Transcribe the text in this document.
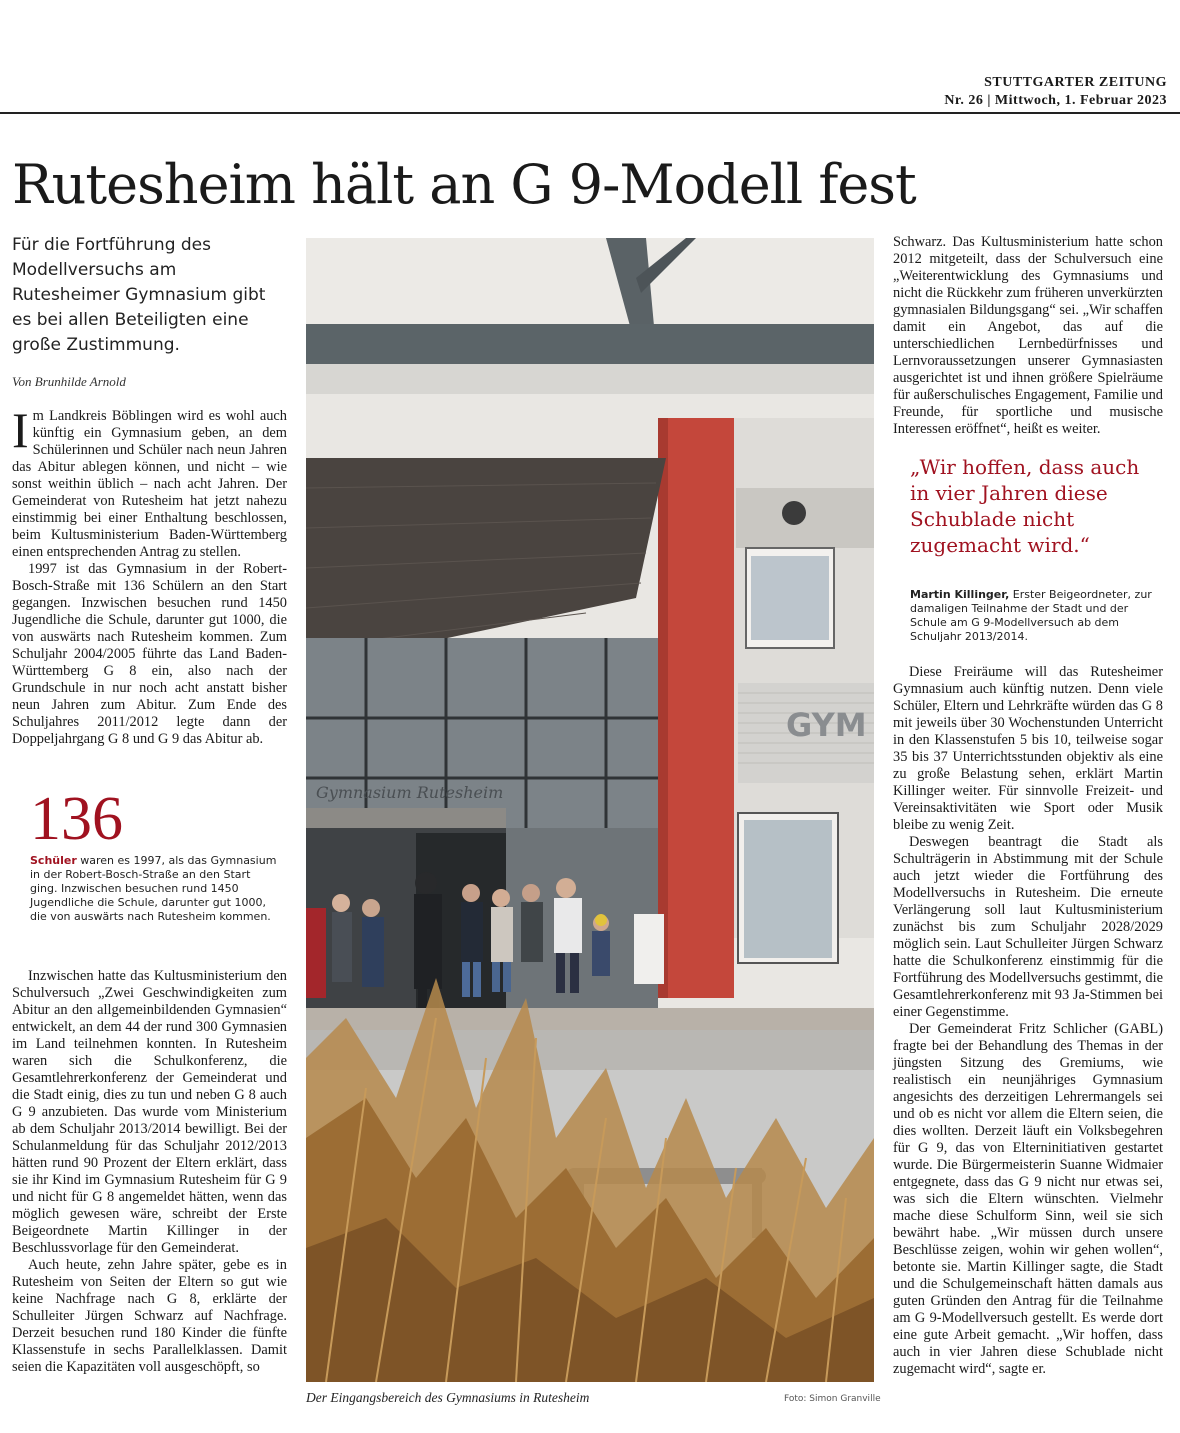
STUTTGARTER ZEITUNG
Nr. 26 | Mittwoch, 1. Februar 2023
Rutesheim hält an G 9-Modell fest
Für die Fortführung des Modellversuchs am Rutesheimer Gymnasium gibt es bei allen Beteiligten eine große Zustimmung.
Von Brunhilde Arnold

Im Landkreis Böblingen wird es wohl auch künftig ein Gymnasium geben, an dem Schülerinnen und Schüler nach neun Jahren das Abitur ablegen können, und nicht – wie sonst weithin üblich – nach acht Jahren. Der Gemeinderat von Rutesheim hat jetzt nahezu einstimmig bei einer Enthaltung beschlossen, beim Kultusministerium Baden-Württemberg einen entsprechenden Antrag zu stellen.

1997 ist das Gymnasium in der Robert-Bosch-Straße mit 136 Schülern an den Start gegangen. Inzwischen besuchen rund 1450 Jugendliche die Schule, darunter gut 1000, die von auswärts nach Rutesheim kommen. Zum Schuljahr 2004/2005 führte das Land Baden-Württemberg G 8 ein, also nach der Grundschule in nur noch acht anstatt bisher neun Jahren zum Abitur. Zum Ende des Schuljahres 2011/2012 legte dann der Doppeljahrgang G 8 und G 9 das Abitur ab.

136
Schüler waren es 1997, als das Gymnasium in der Robert-Bosch-Straße an den Start ging. Inzwischen besuchen rund 1450 Jugendliche die Schule, darunter gut 1000, die von auswärts nach Rutesheim kommen.

Inzwischen hatte das Kultusministerium den Schulversuch „Zwei Geschwindigkeiten zum Abitur an den allgemeinbildenden Gymnasien“ entwickelt, an dem 44 der rund 300 Gymnasien im Land teilnehmen konnten. In Rutesheim waren sich die Schulkonferenz, die Gesamtlehrerkonferenz der Gemeinderat und die Stadt einig, dies zu tun und neben G 8 auch G 9 anzubieten. Das wurde vom Ministerium ab dem Schuljahr 2013/2014 bewilligt. Bei der Schulanmeldung für das Schuljahr 2012/2013 hätten rund 90 Prozent der Eltern erklärt, dass sie ihr Kind im Gymnasium Rutesheim für G 9 und nicht für G 8 angemeldet hätten, wenn das möglich gewesen wäre, schreibt der Erste Beigeordnete Martin Killinger in der Beschlussvorlage für den Gemeinderat.

Auch heute, zehn Jahre später, gebe es in Rutesheim von Seiten der Eltern so gut wie keine Nachfrage nach G 8, erklärte der Schulleiter Jürgen Schwarz auf Nachfrage. Derzeit besuchen rund 180 Kinder die fünfte Klassenstufe in sechs Parallelklassen. Damit seien die Kapazitäten voll ausgeschöpft, so

GYM
Gymnasium Rutesheim
Der Eingangsbereich des Gymnasiums in Rutesheim	Foto: Simon Granville

Schwarz. Das Kultusministerium hatte schon 2012 mitgeteilt, dass der Schulversuch eine „Weiterentwicklung des Gymnasiums und nicht die Rückkehr zum früheren unverkürzten gymnasialen Bildungsgang“ sei. „Wir schaffen damit ein Angebot, das auf die unterschiedlichen Lernbedürfnisses und Lernvoraussetzungen unserer Gymnasiasten ausgerichtet ist und ihnen größere Spielräume für außerschulisches Engagement, Familie und Freunde, für sportliche und musische Interessen eröffnet“, heißt es weiter.

„Wir hoffen, dass auch in vier Jahren diese Schublade nicht zugemacht wird.“
Martin Killinger, Erster Beigeordneter, zur damaligen Teilnahme der Stadt und der Schule am G 9-Modellversuch ab dem Schuljahr 2013/2014.

Diese Freiräume will das Rutesheimer Gymnasium auch künftig nutzen. Denn viele Schüler, Eltern und Lehrkräfte würden das G 8 mit jeweils über 30 Wochenstunden Unterricht in den Klassenstufen 5 bis 10, teilweise sogar 35 bis 37 Unterrichtsstunden objektiv als eine zu große Belastung sehen, erklärt Martin Killinger weiter. Für sinnvolle Freizeit- und Vereinsaktivitäten wie Sport oder Musik bleibe zu wenig Zeit.

Deswegen beantragt die Stadt als Schulträgerin in Abstimmung mit der Schule auch jetzt wieder die Fortführung des Modellversuchs in Rutesheim. Die erneute Verlängerung soll laut Kultusministerium zunächst bis zum Schuljahr 2028/2029 möglich sein. Laut Schulleiter Jürgen Schwarz hatte die Schulkonferenz einstimmig für die Fortführung des Modellversuchs gestimmt, die Gesamtlehrerkonferenz mit 93 Ja-Stimmen bei einer Gegenstimme.

Der Gemeinderat Fritz Schlicher (GABL) fragte bei der Behandlung des Themas in der jüngsten Sitzung des Gremiums, wie realistisch ein neunjähriges Gymnasium angesichts des derzeitigen Lehrermangels sei und ob es nicht vor allem die Eltern seien, die dies wollten. Derzeit läuft ein Volksbegehren für G 9, das von Elterninitiativen gestartet wurde. Die Bürgermeisterin Suanne Widmaier entgegnete, dass das G 9 nicht nur etwas sei, was sich die Eltern wünschten. Vielmehr mache diese Schulform Sinn, weil sie sich bewährt habe. „Wir müssen durch unsere Beschlüsse zeigen, wohin wir gehen wollen“, betonte sie. Martin Killinger sagte, die Stadt und die Schulgemeinschaft hätten damals aus guten Gründen den Antrag für die Teilnahme am G 9-Modellversuch gestellt. Es werde dort eine gute Arbeit gemacht. „Wir hoffen, dass auch in vier Jahren diese Schublade nicht zugemacht wird“, sagte er.
